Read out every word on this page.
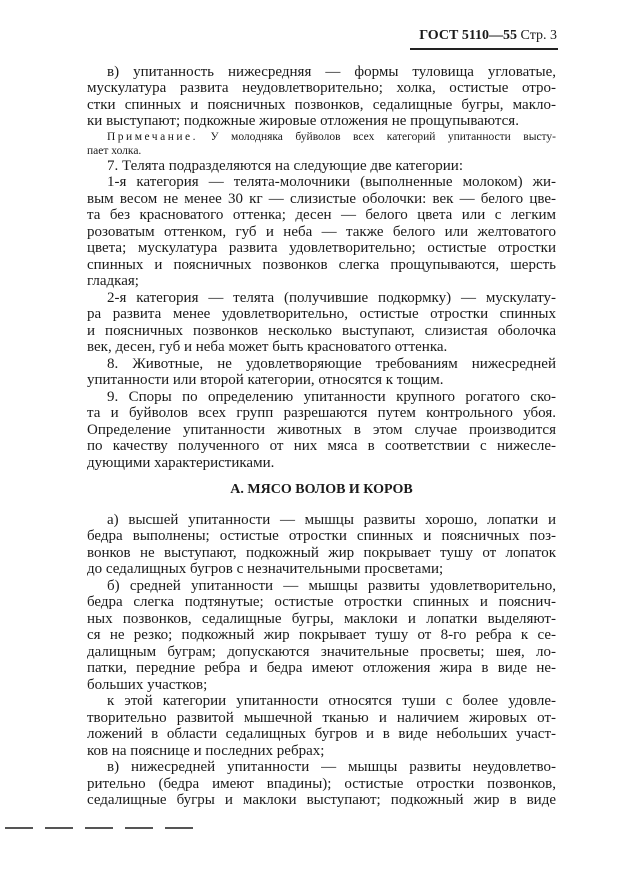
ГОСТ 5110—55 Стр. 3
в) упитанность нижесредняя — формы туловища угловатые,
мускулатура развита неудовлетворительно; холка, остистые отро-
стки спинных и поясничных позвонков, седалищные бугры, макло-
ки выступают; подкожные жировые отложения не прощупываются.
Примечание. У молодняка буйволов всех категорий упитанности высту-
пает холка.
7. Телята подразделяются на следующие две категории:
1-я категория — телята-молочники (выполненные молоком) жи-
вым весом не менее 30 кг — слизистые оболочки: век — белого цве-
та без красноватого оттенка; десен — белого цвета или с легким
розоватым оттенком, губ и неба — также белого или желтоватого
цвета; мускулатура развита удовлетворительно; остистые отростки
спинных и поясничных позвонков слегка прощупываются, шерсть
гладкая;
2-я категория — телята (получившие подкормку) — мускулату-
ра развита менее удовлетворительно, остистые отростки спинных
и поясничных позвонков несколько выступают, слизистая оболочка
век, десен, губ и неба может быть красноватого оттенка.
8. Животные, не удовлетворяющие требованиям нижесредней
упитанности или второй категории, относятся к тощим.
9. Споры по определению упитанности крупного рогатого ско-
та и буйволов всех групп разрешаются путем контрольного убоя.
Определение упитанности животных в этом случае производится
по качеству полученного от них мяса в соответствии с нижесле-
дующими характеристиками.
А. МЯСО ВОЛОВ И КОРОВ
а) высшей упитанности — мышцы развиты хорошо, лопатки и
бедра выполнены; остистые отростки спинных и поясничных поз-
вонков не выступают, подкожный жир покрывает тушу от лопаток
до седалищных бугров с незначительными просветами;
б) средней упитанности — мышцы развиты удовлетворительно,
бедра слегка подтянутые; остистые отростки спинных и пояснич-
ных позвонков, седалищные бугры, маклоки и лопатки выделяют-
ся не резко; подкожный жир покрывает тушу от 8-го ребра к се-
далищным буграм; допускаются значительные просветы; шея, ло-
патки, передние ребра и бедра имеют отложения жира в виде не-
больших участков;
к этой категории упитанности относятся туши с более удовле-
творительно развитой мышечной тканью и наличием жировых от-
ложений в области седалищных бугров и в виде небольших участ-
ков на пояснице и последних ребрах;
в) нижесредней упитанности — мышцы развиты неудовлетво-
рительно (бедра имеют впадины); остистые отростки позвонков,
седалищные бугры и маклоки выступают; подкожный жир в виде
